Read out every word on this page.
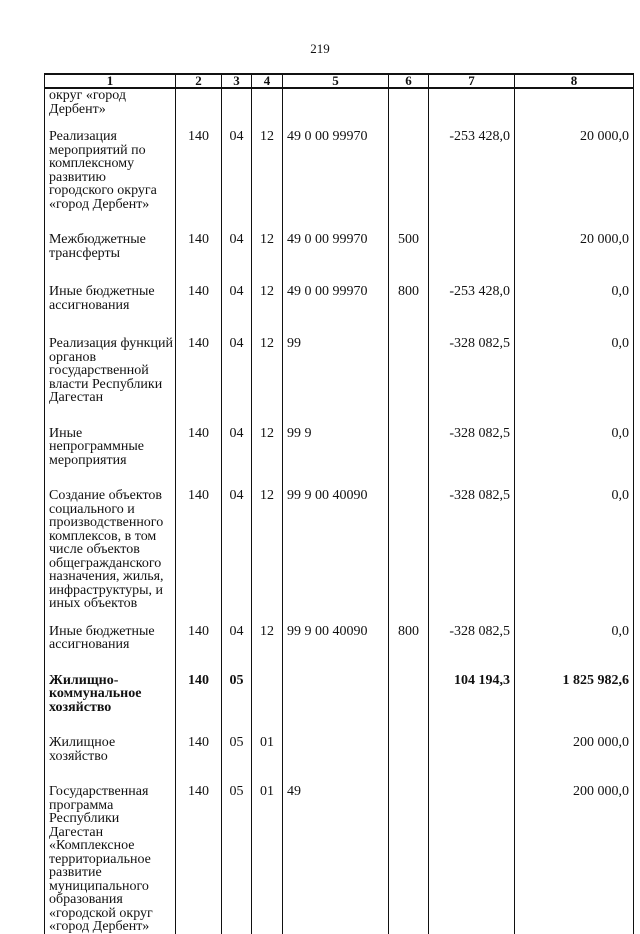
219
1	2	3	4	5	6	7	8
округ «город Дербент»							
Реализация мероприятий по комплексному развитию городского округа «город Дербент»	140	04	12	49 0 00 99970		-253 428,0	20 000,0
Межбюджетные трансферты	140	04	12	49 0 00 99970	500		20 000,0
Иные бюджетные ассигнования	140	04	12	49 0 00 99970	800	-253 428,0	0,0
Реализация функций органов государственной власти Республики Дагестан	140	04	12	99		-328 082,5	0,0
Иные непрограммные мероприятия	140	04	12	99 9		-328 082,5	0,0
Создание объектов социального и производственного комплексов, в том числе объектов общегражданского назначения, жилья, инфраструктуры, и иных объектов	140	04	12	99 9 00 40090		-328 082,5	0,0
Иные бюджетные ассигнования	140	04	12	99 9 00 40090	800	-328 082,5	0,0
Жилищно-коммунальное хозяйство	140	05				104 194,3	1 825 982,6
Жилищное хозяйство	140	05	01				200 000,0
Государственная программа Республики Дагестан «Комплексное территориальное развитие муниципального образования «городской округ «город Дербент»	140	05	01	49			200 000,0
